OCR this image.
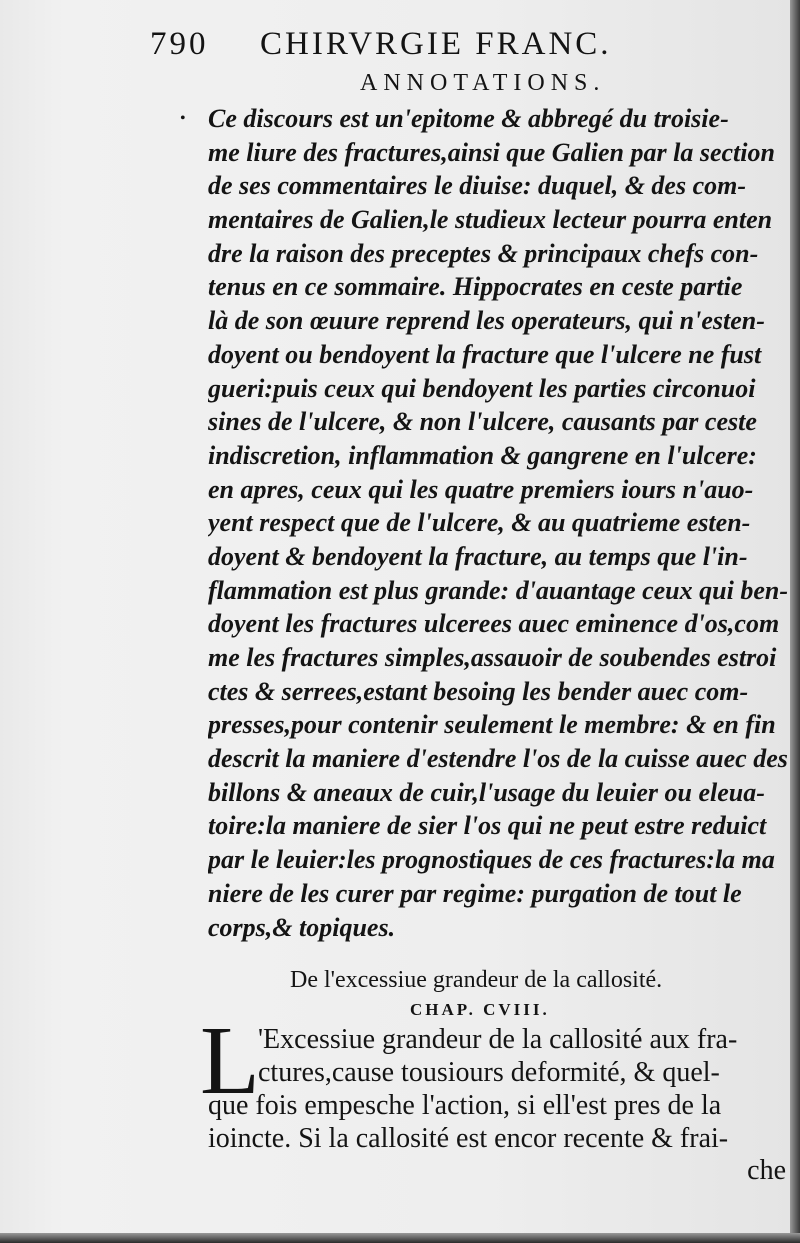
790 CHIRVRGIE FRANC.
ANNOTATIONS.
• Ce discours est un'epitome & abbregé du troisie-
me liure des fractures,ainsi que Galien par la section
de ses commentaires le diuise: duquel, & des com-
mentaires de Galien,le studieux lecteur pourra enten
dre la raison des preceptes & principaux chefs con-
tenus en ce sommaire. Hippocrates en ceste partie
là de son œuure reprend les operateurs, qui n'esten-
doyent ou bendoyent la fracture que l'ulcere ne fust
gueri:puis ceux qui bendoyent les parties circonuoi
sines de l'ulcere, & non l'ulcere, causants par ceste
indiscretion, inflammation & gangrene en l'ulcere:
en apres, ceux qui les quatre premiers iours n'auo-
yent respect que de l'ulcere, & au quatrieme esten-
doyent & bendoyent la fracture, au temps que l'in-
flammation est plus grande: d'auantage ceux qui ben-
doyent les fractures ulcerees auec eminence d'os,com
me les fractures simples,assauoir de soubendes estroi
ctes & serrees,estant besoing les bender auec com-
presses,pour contenir seulement le membre: & en fin
descrit la maniere d'estendre l'os de la cuisse auec des
billons & aneaux de cuir,l'usage du leuier ou eleua-
toire:la maniere de sier l'os qui ne peut estre reduict
par le leuier:les prognostiques de ces fractures:la ma
niere de les curer par regime: purgation de tout le
corps,& topiques.
De l'excessiue grandeur de la callosité.
CHAP. CVIII.
L
'Excessiue grandeur de la callosité aux fra-
ctures,cause tousiours deformité, & quel-
que fois empesche l'action, si ell'est pres de la
ioincte. Si la callosité est encor recente & frai-
che
